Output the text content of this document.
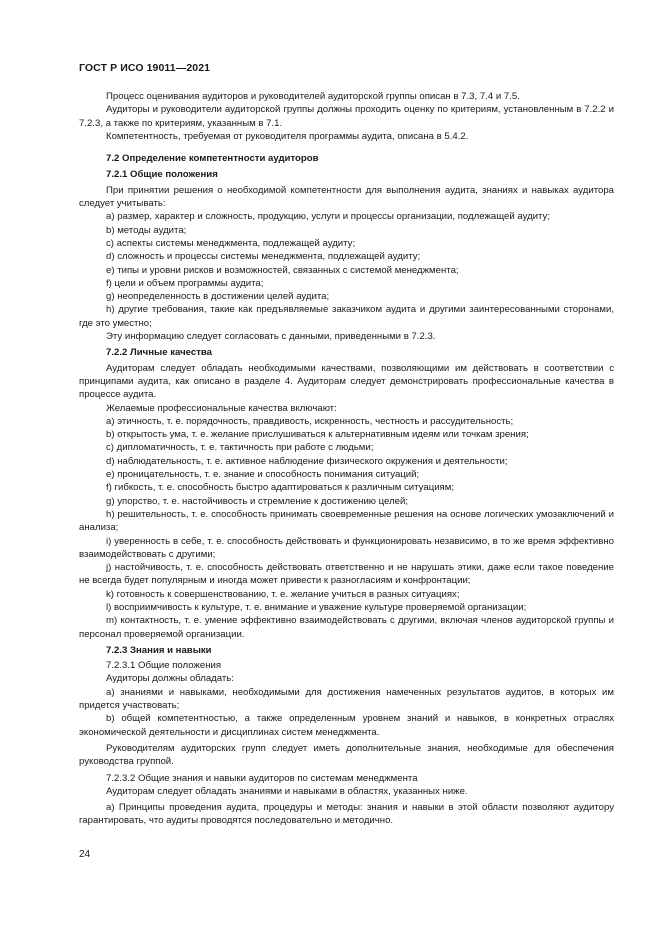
ГОСТ Р ИСО 19011—2021

Процесс оценивания аудиторов и руководителей аудиторской группы описан в 7.3, 7.4 и 7.5.

Аудиторы и руководители аудиторской группы должны проходить оценку по критериям, установленным в 7.2.2 и 7.2.3, а также по критериям, указанным в 7.1.

Компетентность, требуемая от руководителя программы аудита, описана в 5.4.2.

7.2 Определение компетентности аудиторов

7.2.1 Общие положения

При принятии решения о необходимой компетентности для выполнения аудита, знаниях и навыках аудитора следует учитывать:

a) размер, характер и сложность, продукцию, услуги и процессы организации, подлежащей аудиту;

b) методы аудита;

c) аспекты системы менеджмента, подлежащей аудиту;

d) сложность и процессы системы менеджмента, подлежащей аудиту;

e) типы и уровни рисков и возможностей, связанных с системой менеджмента;

f) цели и объем программы аудита;

g) неопределенность в достижении целей аудита;

h) другие требования, такие как предъявляемые заказчиком аудита и другими заинтересованными сторонами, где это уместно;

Эту информацию следует согласовать с данными, приведенными в 7.2.3.

7.2.2 Личные качества

Аудиторам следует обладать необходимыми качествами, позволяющими им действовать в соответствии с принципами аудита, как описано в разделе 4. Аудиторам следует демонстрировать профессиональные качества в процессе аудита.

Желаемые профессиональные качества включают:

a) этичность, т. е. порядочность, правдивость, искренность, честность и рассудительность;

b) открытость ума, т. е. желание прислушиваться к альтернативным идеям или точкам зрения;

c) дипломатичность, т. е. тактичность при работе с людьми;

d) наблюдательность, т. е. активное наблюдение физического окружения и деятельности;

e) проницательность, т. е. знание и способность понимания ситуаций;

f) гибкость, т. е. способность быстро адаптироваться к различным ситуациям;

g) упорство, т. е. настойчивость и стремление к достижению целей;

h) решительность, т. е. способность принимать своевременные решения на основе логических умозаключений и анализа;

i) уверенность в себе, т. е. способность действовать и функционировать независимо, в то же время эффективно взаимодействовать с другими;

j) настойчивость, т. е. способность действовать ответственно и не нарушать этики, даже если такое поведение не всегда будет популярным и иногда может привести к разногласиям и конфронтации;

k) готовность к совершенствованию, т. е. желание учиться в разных ситуациях;

l) восприимчивость к культуре, т. е. внимание и уважение культуре проверяемой организации;

m) контактность, т. е. умение эффективно взаимодействовать с другими, включая членов аудиторской группы и персонал проверяемой организации.

7.2.3 Знания и навыки

7.2.3.1 Общие положения

Аудиторы должны обладать:

a) знаниями и навыками, необходимыми для достижения намеченных результатов аудитов, в которых им придется участвовать;

b) общей компетентностью, а также определенным уровнем знаний и навыков, в конкретных отраслях экономической деятельности и дисциплинах систем менеджмента.

Руководителям аудиторских групп следует иметь дополнительные знания, необходимые для обеспечения руководства группой.

7.2.3.2 Общие знания и навыки аудиторов по системам менеджмента

Аудиторам следует обладать знаниями и навыками в областях, указанных ниже.

a) Принципы проведения аудита, процедуры и методы: знания и навыки в этой области позволяют аудитору гарантировать, что аудиты проводятся последовательно и методично.

24
